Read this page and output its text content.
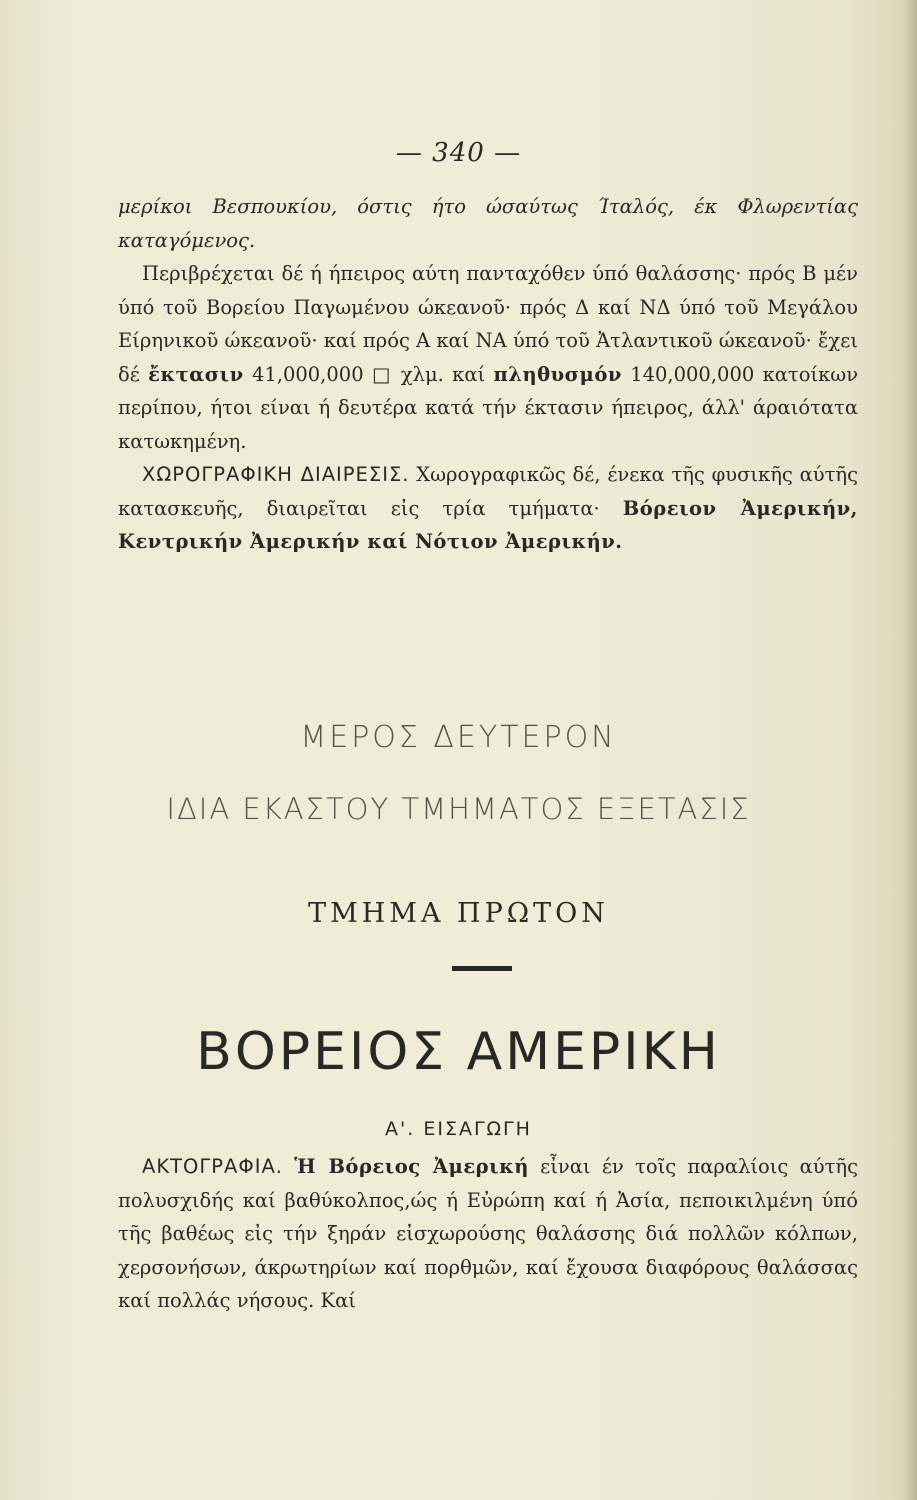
— 340 —

μερίκοι Βεσπουκίου, όστις ήτο ώσαύτως Ίταλός, έκ Φλωρεντίας καταγόμενος.

Περιβρέχεται δέ ή ήπειρος αύτη πανταχόθεν ύπό θαλάσσης· πρός Β μέν ύπό τοῦ Βορείου Παγωμένου ώκεανοῦ· πρός Δ καί ΝΔ ύπό τοῦ Μεγάλου Είρηνικοῦ ώκεανοῦ· καί πρός Α καί ΝΑ ύπό τοῦ Ἀτλαντικοῦ ώκεανοῦ· ἔχει δέ ἔκτασιν 41,000,000 □ χλμ. καί πληθυσμόν 140,000,000 κατοίκων περίπου, ήτοι είναι ή δευτέρα κατά τήν έκτασιν ήπειρος, άλλ' άραιότατα κατωκημένη.

ΧΩΡΟΓΡΑΦΙΚΗ ΔΙΑΙΡΕΣΙΣ. Χωρογραφικῶς δέ, ένεκα τῆς φυσικῆς αύτῆς κατασκευῆς, διαιρεῖται εἰς τρία τμήματα· Βόρειον Ἀμερικήν, Κεντρικήν Ἀμερικήν καί Νότιον Ἀμερικήν.

ΜΕΡΟΣ ΔΕΥΤΕΡΟΝ
ΙΔΙΑ ΕΚΑΣΤΟΥ ΤΜΗΜΑΤΟΣ ΕΞΕΤΑΣΙΣ
ΤΜΗΜΑ ΠΡΩΤΟΝ
ΒΟΡΕΙΟΣ ΑΜΕΡΙΚΗ
Α'. ΕΙΣΑΓΩΓΗ

ΑΚΤΟΓΡΑΦΙΑ. Ἡ Βόρειος Ἀμερική εἶναι έν τοῖς παραλίοις αύτῆς πολυσχιδής καί βαθύκολπος,ώς ή Εὐρώπη καί ή Ἀσία, πεποικιλμένη ύπό τῆς βαθέως εἰς τήν ξηράν εἰσχωρούσης θαλάσσης διά πολλῶν κόλπων, χερσονήσων, άκρωτηρίων καί πορθμῶν, καί ἔχουσα διαφόρους θαλάσσας καί πολλάς νήσους. Καί
